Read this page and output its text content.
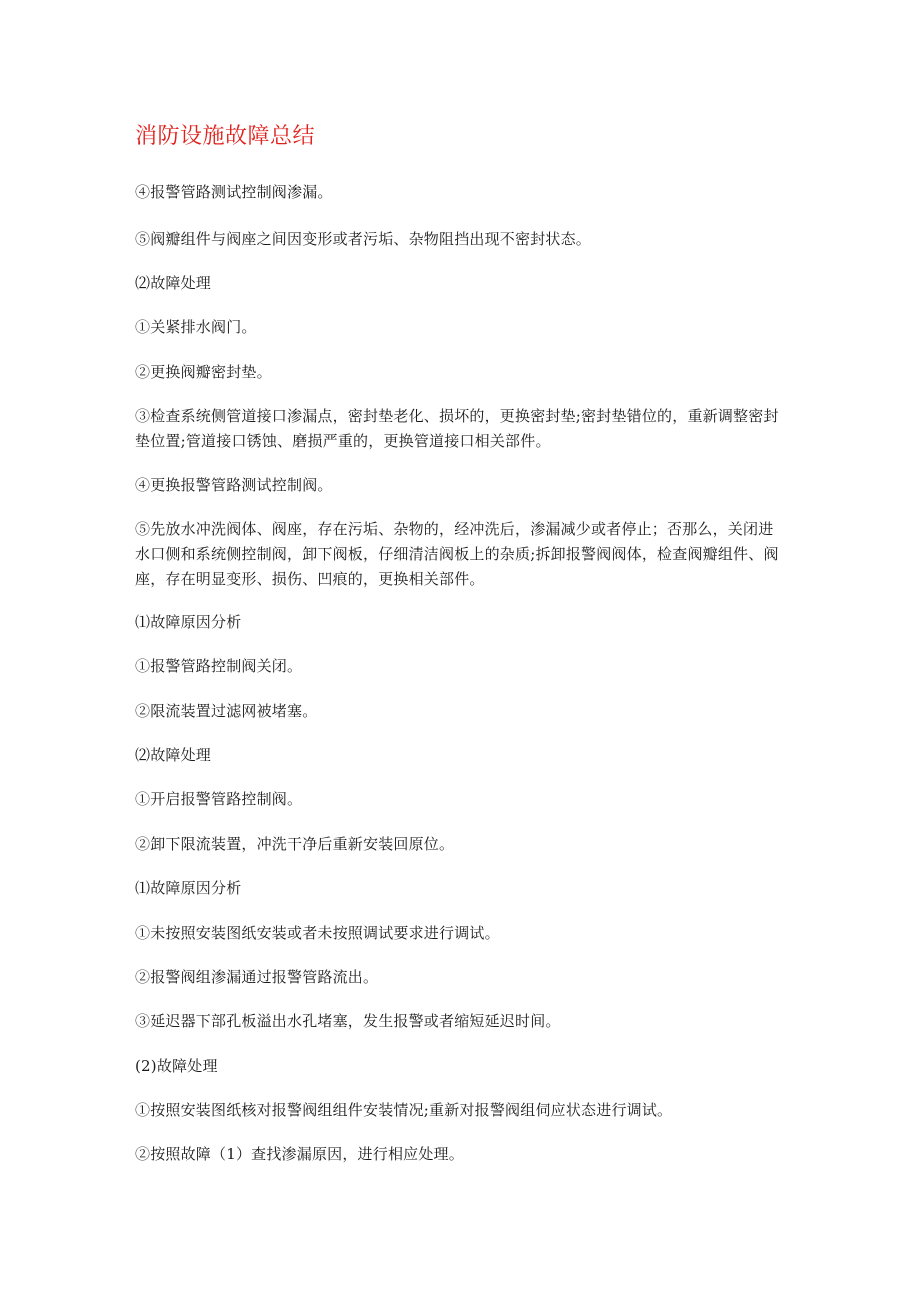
消防设施故障总结
④报警管路测试控制阀渗漏。
⑤阀瓣组件与阀座之间因变形或者污垢、杂物阻挡出现不密封状态。
⑵故障处理
①关紧排水阀门。
②更换阀瓣密封垫。
③检查系统侧管道接口渗漏点，密封垫老化、损坏的，更换密封垫;密封垫错位的，重新调整密封垫位置;管道接口锈蚀、磨损严重的，更换管道接口相关部件。
④更换报警管路测试控制阀。
⑤先放水冲洗阀体、阀座，存在污垢、杂物的，经冲洗后，渗漏减少或者停止；否那么，关闭进水口侧和系统侧控制阀，卸下阀板，仔细清洁阀板上的杂质;拆卸报警阀阀体，检查阀瓣组件、阀座，存在明显变形、损伤、凹痕的，更换相关部件。
⑴故障原因分析
①报警管路控制阀关闭。
②限流装置过滤网被堵塞。
⑵故障处理
①开启报警管路控制阀。
②卸下限流装置，冲洗干净后重新安装回原位。
⑴故障原因分析
①未按照安装图纸安装或者未按照调试要求进行调试。
②报警阀组渗漏通过报警管路流出。
③延迟器下部孔板溢出水孔堵塞，发生报警或者缩短延迟时间。
(2)故障处理
①按照安装图纸核对报警阀组组件安装情况;重新对报警阀组伺应状态进行调试。
②按照故障（1）查找渗漏原因，进行相应处理。
